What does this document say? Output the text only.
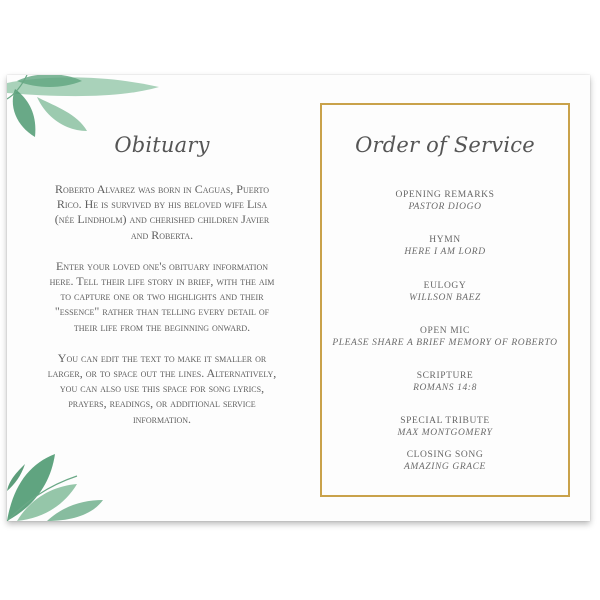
Obituary

Roberto Alvarez was born in Caguas, Puerto Rico. He is survived by his beloved wife Lisa (née Lindholm) and cherished children Javier and Roberta.

Enter your loved one's obituary information here. Tell their life story in brief, with the aim to capture one or two highlights and their "essence" rather than telling every detail of their life from the beginning onward.

You can edit the text to make it smaller or larger, or to space out the lines. Alternatively, you can also use this space for song lyrics, prayers, readings, or additional service information.

Order of Service
OPENING REMARKS
PASTOR DIOGO
HYMN
HERE I AM LORD
EULOGY
WILLSON BAEZ
OPEN MIC
PLEASE SHARE A BRIEF MEMORY OF ROBERTO
SCRIPTURE
ROMANS 14:8
SPECIAL TRIBUTE
MAX MONTGOMERY
CLOSING SONG
AMAZING GRACE
